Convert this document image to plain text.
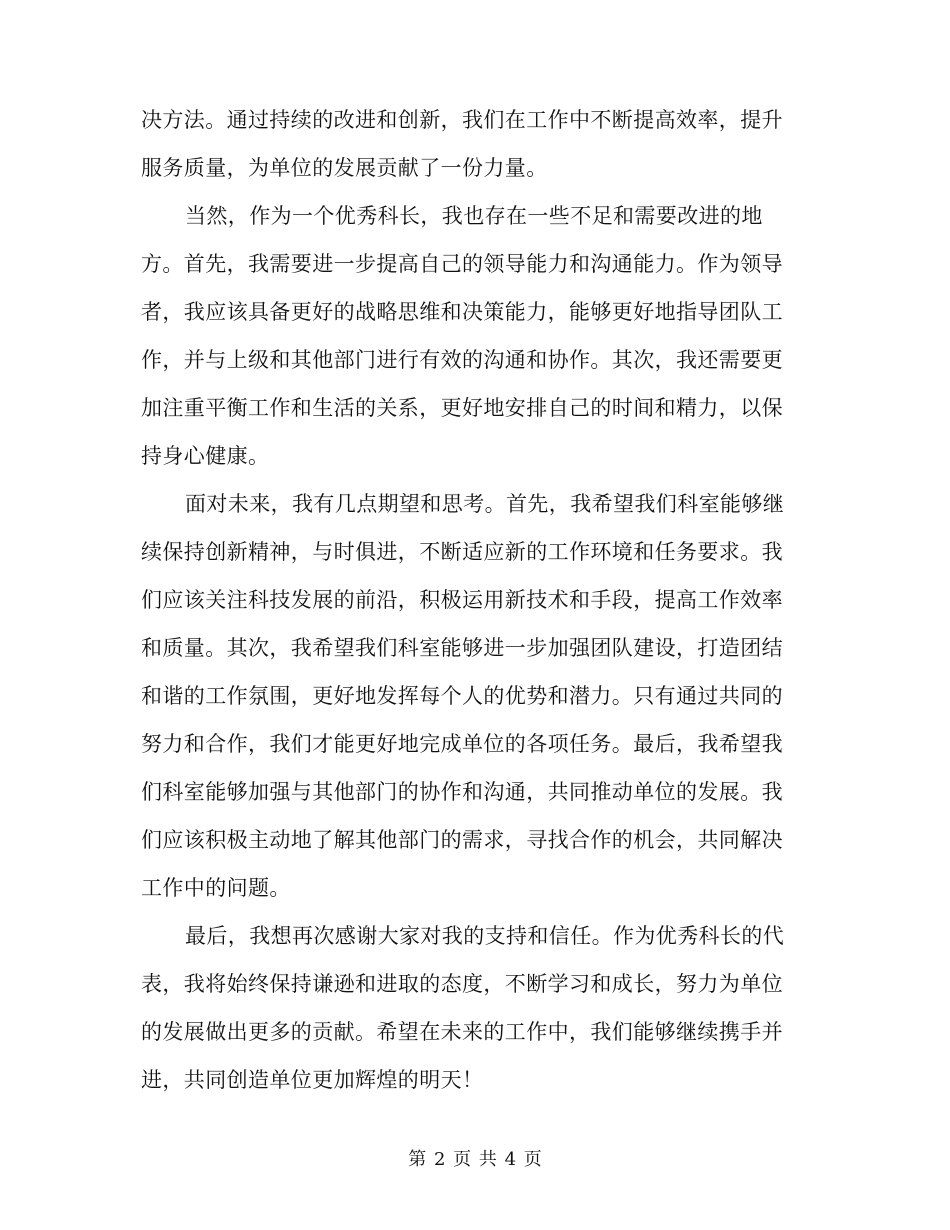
决方法。通过持续的改进和创新，我们在工作中不断提高效率，提升
服务质量，为单位的发展贡献了一份力量。
当然，作为一个优秀科长，我也存在一些不足和需要改进的地
方。首先，我需要进一步提高自己的领导能力和沟通能力。作为领导
者，我应该具备更好的战略思维和决策能力，能够更好地指导团队工
作，并与上级和其他部门进行有效的沟通和协作。其次，我还需要更
加注重平衡工作和生活的关系，更好地安排自己的时间和精力，以保
持身心健康。
面对未来，我有几点期望和思考。首先，我希望我们科室能够继
续保持创新精神，与时俱进，不断适应新的工作环境和任务要求。我
们应该关注科技发展的前沿，积极运用新技术和手段，提高工作效率
和质量。其次，我希望我们科室能够进一步加强团队建设，打造团结
和谐的工作氛围，更好地发挥每个人的优势和潜力。只有通过共同的
努力和合作，我们才能更好地完成单位的各项任务。最后，我希望我
们科室能够加强与其他部门的协作和沟通，共同推动单位的发展。我
们应该积极主动地了解其他部门的需求，寻找合作的机会，共同解决
工作中的问题。
最后，我想再次感谢大家对我的支持和信任。作为优秀科长的代
表，我将始终保持谦逊和进取的态度，不断学习和成长，努力为单位
的发展做出更多的贡献。希望在未来的工作中，我们能够继续携手并
进，共同创造单位更加辉煌的明天！
第 2 页 共 4 页
